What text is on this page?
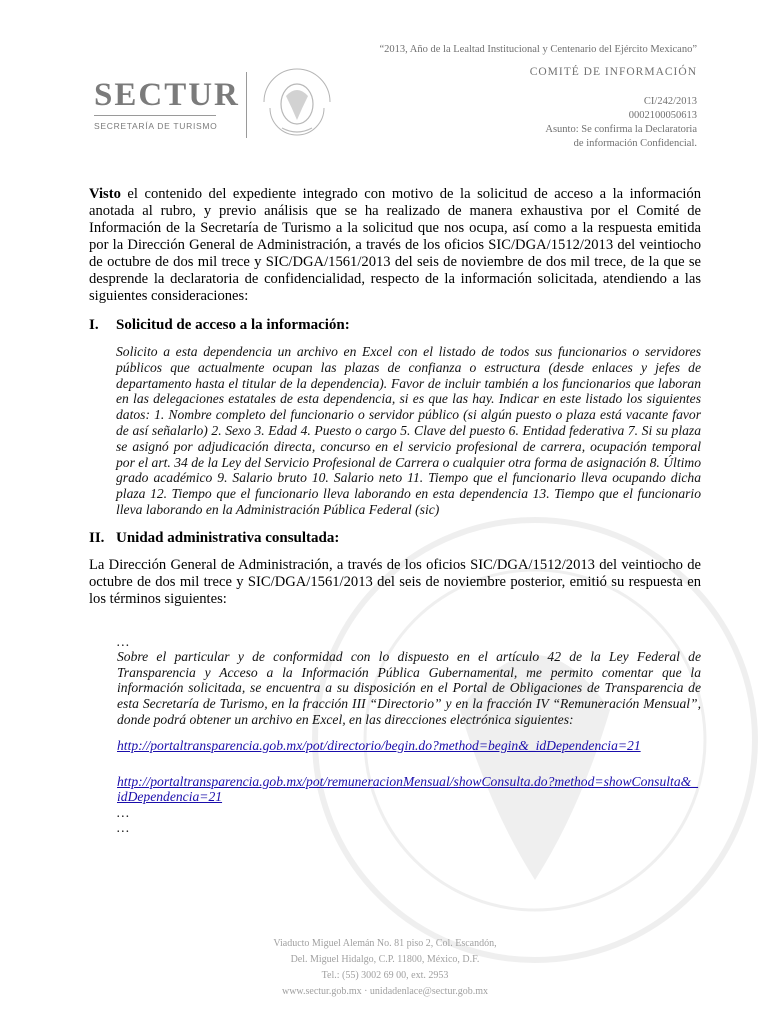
SECTUR
SECRETARÍA DE TURISMO
“2013, Año de la Lealtad Institucional y Centenario del Ejército Mexicano”
COMITÉ DE INFORMACIÓN
CI/242/2013
0002100050613
Asunto: Se confirma la Declaratoria
de información Confidencial.

Visto el contenido del expediente integrado con motivo de la solicitud de acceso a la información anotada al rubro, y previo análisis que se ha realizado de manera exhaustiva por el Comité de Información de la Secretaría de Turismo a la solicitud que nos ocupa, así como a la respuesta emitida por la Dirección General de Administración, a través de los oficios SIC/DGA/1512/2013 del veintiocho de octubre de dos mil trece y SIC/DGA/1561/2013 del seis de noviembre de dos mil trece, de la que se desprende la declaratoria de confidencialidad, respecto de la información solicitada, atendiendo a las siguientes consideraciones:

I.	Solicitud de acceso a la información:

Solicito a esta dependencia un archivo en Excel con el listado de todos sus funcionarios o servidores públicos que actualmente ocupan las plazas de confianza o estructura (desde enlaces y jefes de departamento hasta el titular de la dependencia). Favor de incluir también a los funcionarios que laboran en las delegaciones estatales de esta dependencia, si es que las hay. Indicar en este listado los siguientes datos: 1. Nombre completo del funcionario o servidor público (si algún puesto o plaza está vacante favor de así señalarlo) 2. Sexo 3. Edad 4. Puesto o cargo 5. Clave del puesto 6. Entidad federativa 7. Si su plaza se asignó por adjudicación directa, concurso en el servicio profesional de carrera, ocupación temporal por el art. 34 de la Ley del Servicio Profesional de Carrera o cualquier otra forma de asignación 8. Último grado académico 9. Salario bruto 10. Salario neto 11. Tiempo que el funcionario lleva ocupando dicha plaza 12. Tiempo que el funcionario lleva laborando en esta dependencia 13. Tiempo que el funcionario lleva laborando en la Administración Pública Federal (sic)

II. Unidad administrativa consultada:

La Dirección General de Administración, a través de los oficios SIC/DGA/1512/2013 del veintiocho de octubre de dos mil trece y SIC/DGA/1561/2013 del seis de noviembre posterior, emitió su respuesta en los términos siguientes:

…

Sobre el particular y de conformidad con lo dispuesto en el artículo 42 de la Ley Federal de Transparencia y Acceso a la Información Pública Gubernamental, me permito comentar que la información solicitada, se encuentra a su disposición en el Portal de Obligaciones de Transparencia de esta Secretaría de Turismo, en la fracción III “Directorio” y en la fracción IV “Remuneración Mensual”, donde podrá obtener un archivo en Excel, en las direcciones electrónica siguientes:

http://portaltransparencia.gob.mx/pot/directorio/begin.do?method=begin&_idDependencia=21
http://portaltransparencia.gob.mx/pot/remuneracionMensual/showConsulta.do?method=showConsulta&_idDependencia=21
…
…
Viaducto Miguel Alemán No. 81 piso 2, Col. Escandón,
Del. Miguel Hidalgo, C.P. 11800, México, D.F.
Tel.: (55) 3002 69 00, ext. 2953
www.sectur.gob.mx · unidadenlace@sectur.gob.mx
